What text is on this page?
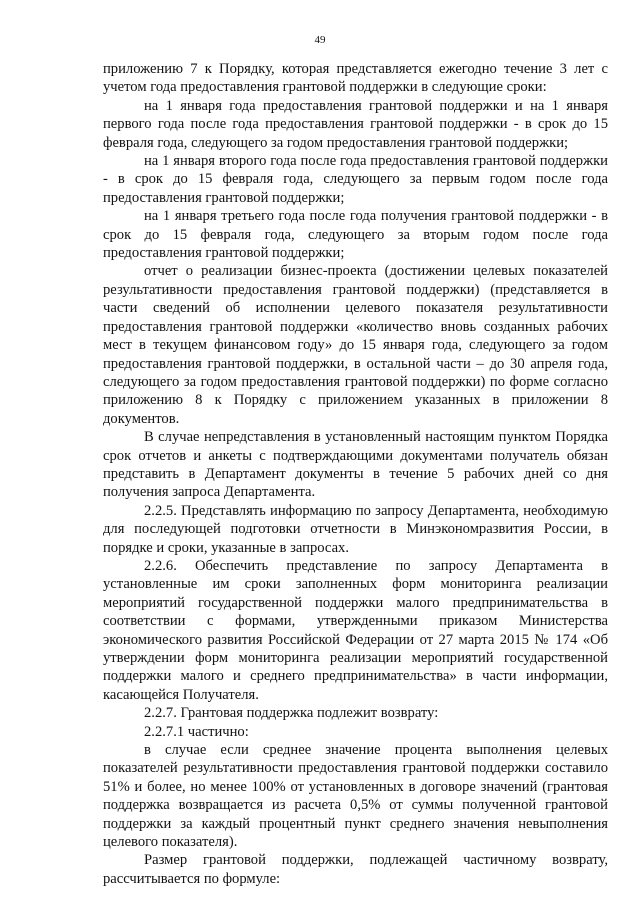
49

приложению 7 к Порядку, которая представляется ежегодно течение 3 лет с учетом года предоставления грантовой поддержки в следующие сроки:

на 1 января года предоставления грантовой поддержки и на 1 января первого года после года предоставления грантовой поддержки - в срок до 15 февраля года, следующего за годом предоставления грантовой поддержки;

на 1 января второго года после года предоставления грантовой поддержки - в срок до 15 февраля года, следующего за первым годом после года предоставления грантовой поддержки;

на 1 января третьего года после года получения грантовой поддержки - в срок до 15 февраля года, следующего за вторым годом после года предоставления грантовой поддержки;

отчет о реализации бизнес-проекта (достижении целевых показателей результативности предоставления грантовой поддержки) (представляется в части сведений об исполнении целевого показателя результативности предоставления грантовой поддержки «количество вновь созданных рабочих мест в текущем финансовом году» до 15 января года, следующего за годом предоставления грантовой поддержки, в остальной части – до 30 апреля года, следующего за годом предоставления грантовой поддержки) по форме согласно приложению 8 к Порядку с приложением указанных в приложении 8 документов.

В случае непредставления в установленный настоящим пунктом Порядка срок отчетов и анкеты с подтверждающими документами получатель обязан представить в Департамент документы в течение 5 рабочих дней со дня получения запроса Департамента.

2.2.5. Представлять информацию по запросу Департамента, необходимую для последующей подготовки отчетности в Минэкономразвития России, в порядке и сроки, указанные в запросах.

2.2.6. Обеспечить представление по запросу Департамента в установленные им сроки заполненных форм мониторинга реализации мероприятий государственной поддержки малого предпринимательства в соответствии с формами, утвержденными приказом Министерства экономического развития Российской Федерации от 27 марта 2015 № 174 «Об утверждении форм мониторинга реализации мероприятий государственной поддержки малого и среднего предпринимательства» в части информации, касающейся Получателя.

2.2.7. Грантовая поддержка подлежит возврату:

2.2.7.1 частично:

в случае если среднее значение процента выполнения целевых показателей результативности предоставления грантовой поддержки составило 51% и более, но менее 100% от установленных в договоре значений (грантовая поддержка возвращается из расчета 0,5% от суммы полученной грантовой поддержки за каждый процентный пункт среднего значения невыполнения целевого показателя).

Размер грантовой поддержки, подлежащей частичному возврату, рассчитывается по формуле:
